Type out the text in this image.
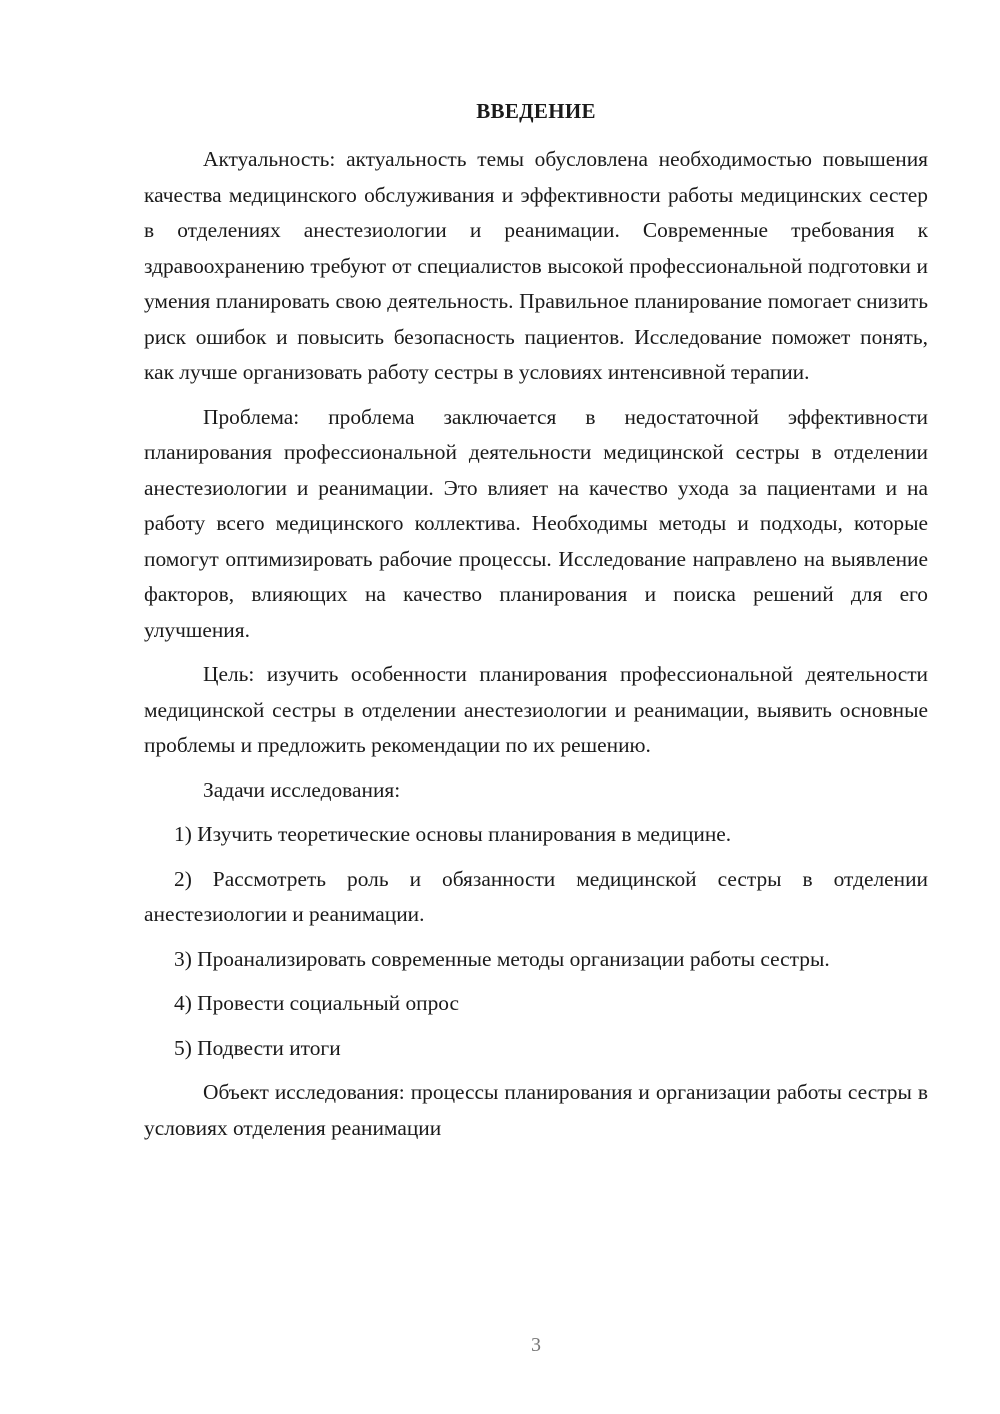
ВВЕДЕНИЕ

Актуальность: актуальность темы обусловлена необходимостью повышения качества медицинского обслуживания и эффективности работы медицинских сестер в отделениях анестезиологии и реанимации. Современные требования к здравоохранению требуют от специалистов высокой профессиональной подготовки и умения планировать свою деятельность. Правильное планирование помогает снизить риск ошибок и повысить безопасность пациентов. Исследование поможет понять, как лучше организовать работу сестры в условиях интенсивной терапии.

Проблема: проблема заключается в недостаточной эффективности планирования профессиональной деятельности медицинской сестры в отделении анестезиологии и реанимации. Это влияет на качество ухода за пациентами и на работу всего медицинского коллектива. Необходимы методы и подходы, которые помогут оптимизировать рабочие процессы. Исследование направлено на выявление факторов, влияющих на качество планирования и поиска решений для его улучшения.

Цель: изучить особенности планирования профессиональной деятельности медицинской сестры в отделении анестезиологии и реанимации, выявить основные проблемы и предложить рекомендации по их решению.

Задачи исследования:

1) Изучить теоретические основы планирования в медицине.

2) Рассмотреть роль и обязанности медицинской сестры в отделении анестезиологии и реанимации.

3) Проанализировать современные методы организации работы сестры.

4) Провести социальный опрос

5) Подвести итоги

Объект исследования: процессы планирования и организации работы сестры в условиях отделения реанимации

3
